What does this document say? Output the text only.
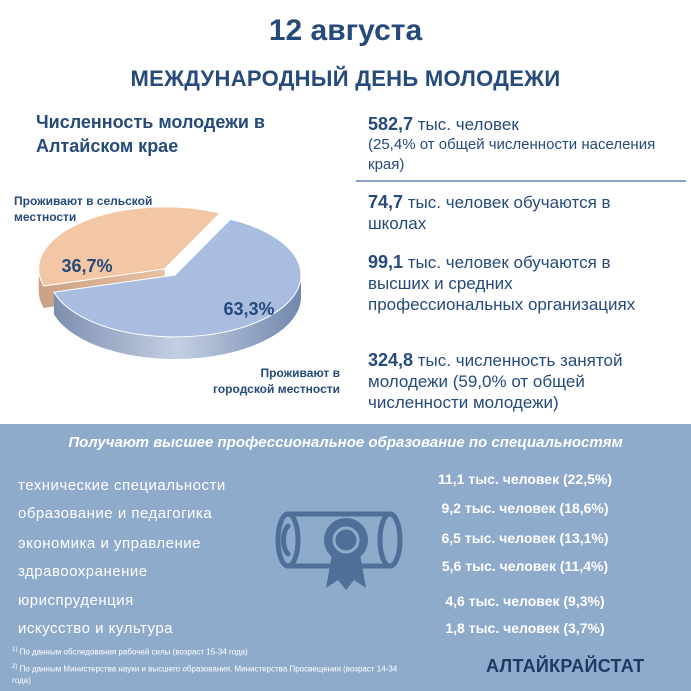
12 августа
МЕЖДУНАРОДНЫЙ ДЕНЬ МОЛОДЕЖИ
Численность молодежи в Алтайском крае
582,7 тыс. человек
(25,4% от общей численности населения края)
74,7 тыс. человек обучаются в школах
99,1 тыс. человек обучаются в высших и средних профессиональных организациях
324,8 тыс. численность занятой молодежи (59,0% от общей численности молодежи)
36,7%
63,3%
Проживают в сельской местности
Проживают в городской местности
Получают высшее профессиональное образование по специальностям
технические специальности
образование и педагогика
экономика и управление
здравоохранение
юриспруденция
искусство и культура
11,1 тыс. человек (22,5%)
9,2 тыс. человек (18,6%)
6,5 тыс. человек (13,1%)
5,6 тыс. человек (11,4%)
4,6 тыс. человек (9,3%)
1,8 тыс. человек (3,7%)
$^{1)}$ По данным обследования рабочей силы (возраст 15-34 года)
$^{2)}$ По данным Министерства науки и высшего образования, Министерства Просвещения (возраст 14-34 года)
АЛТАЙКРАЙСТАТ
